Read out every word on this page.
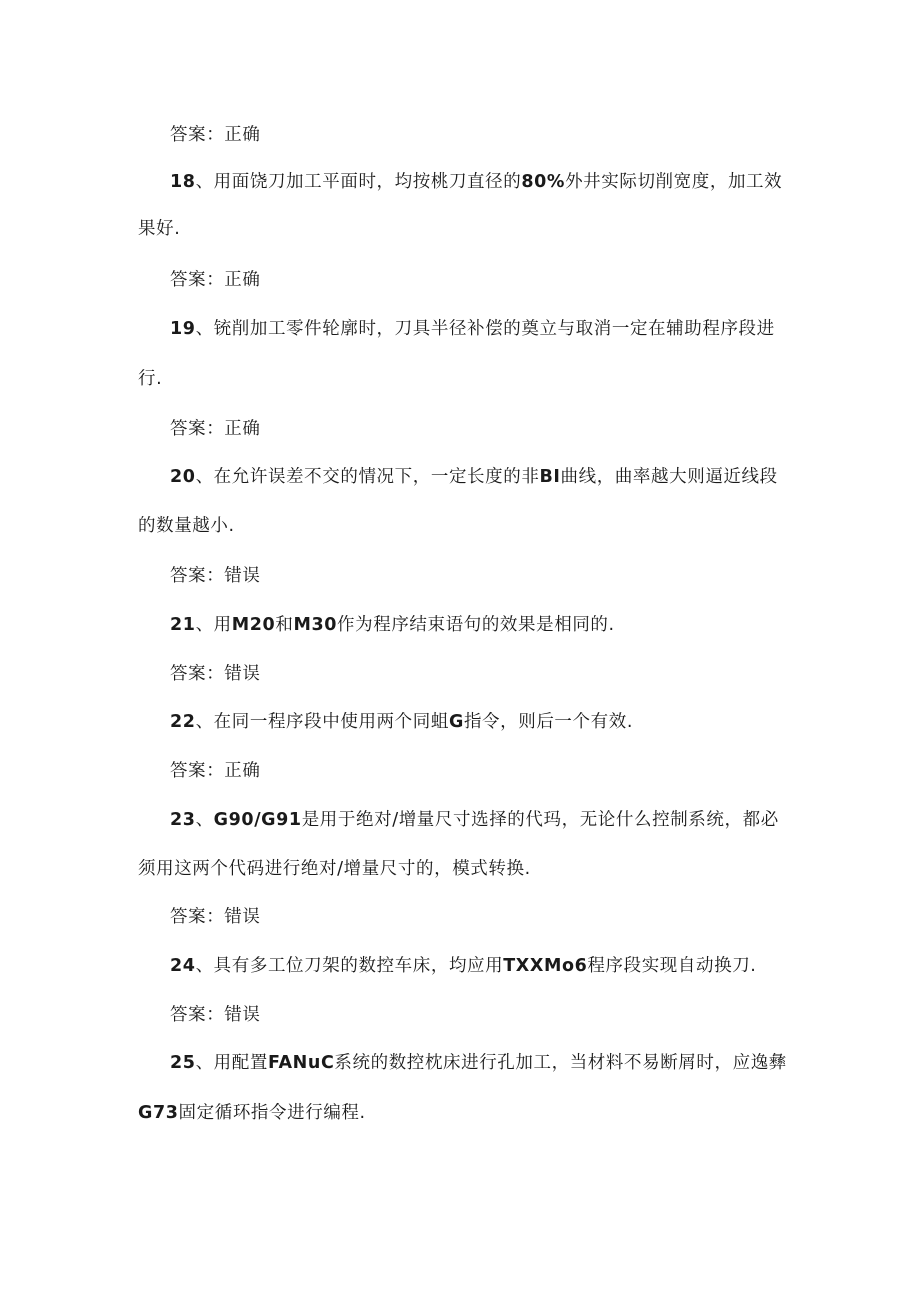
答案：正确
18、用面饶刀加工平面时，均按桃刀直径的80%外井实际切削宽度，加工效
果好.
答案：正确
19、铳削加工零件轮廓时，刀具半径补偿的奠立与取消一定在辅助程序段进
行.
答案：正确
20、在允许误差不交的情况下，一定长度的非BI曲线，曲率越大则逼近线段
的数量越小.
答案：错误
21、用M20和M30作为程序结束语句的效果是相同的.
答案：错误
22、在同一程序段中使用两个同蛆G指令，则后一个有效.
答案：正确
23、G90/G91是用于绝对/增量尺寸选择的代玛，无论什么控制系统，都必
须用这两个代码进行绝对/增量尺寸的，模式转换.
答案：错误
24、具有多工位刀架的数控车床，均应用TXXMo6程序段实现自动换刀.
答案：错误
25、用配置FANuC系统的数控枕床进行孔加工，当材料不易断屑时，应逸彝
G73固定循环指令进行编程.
